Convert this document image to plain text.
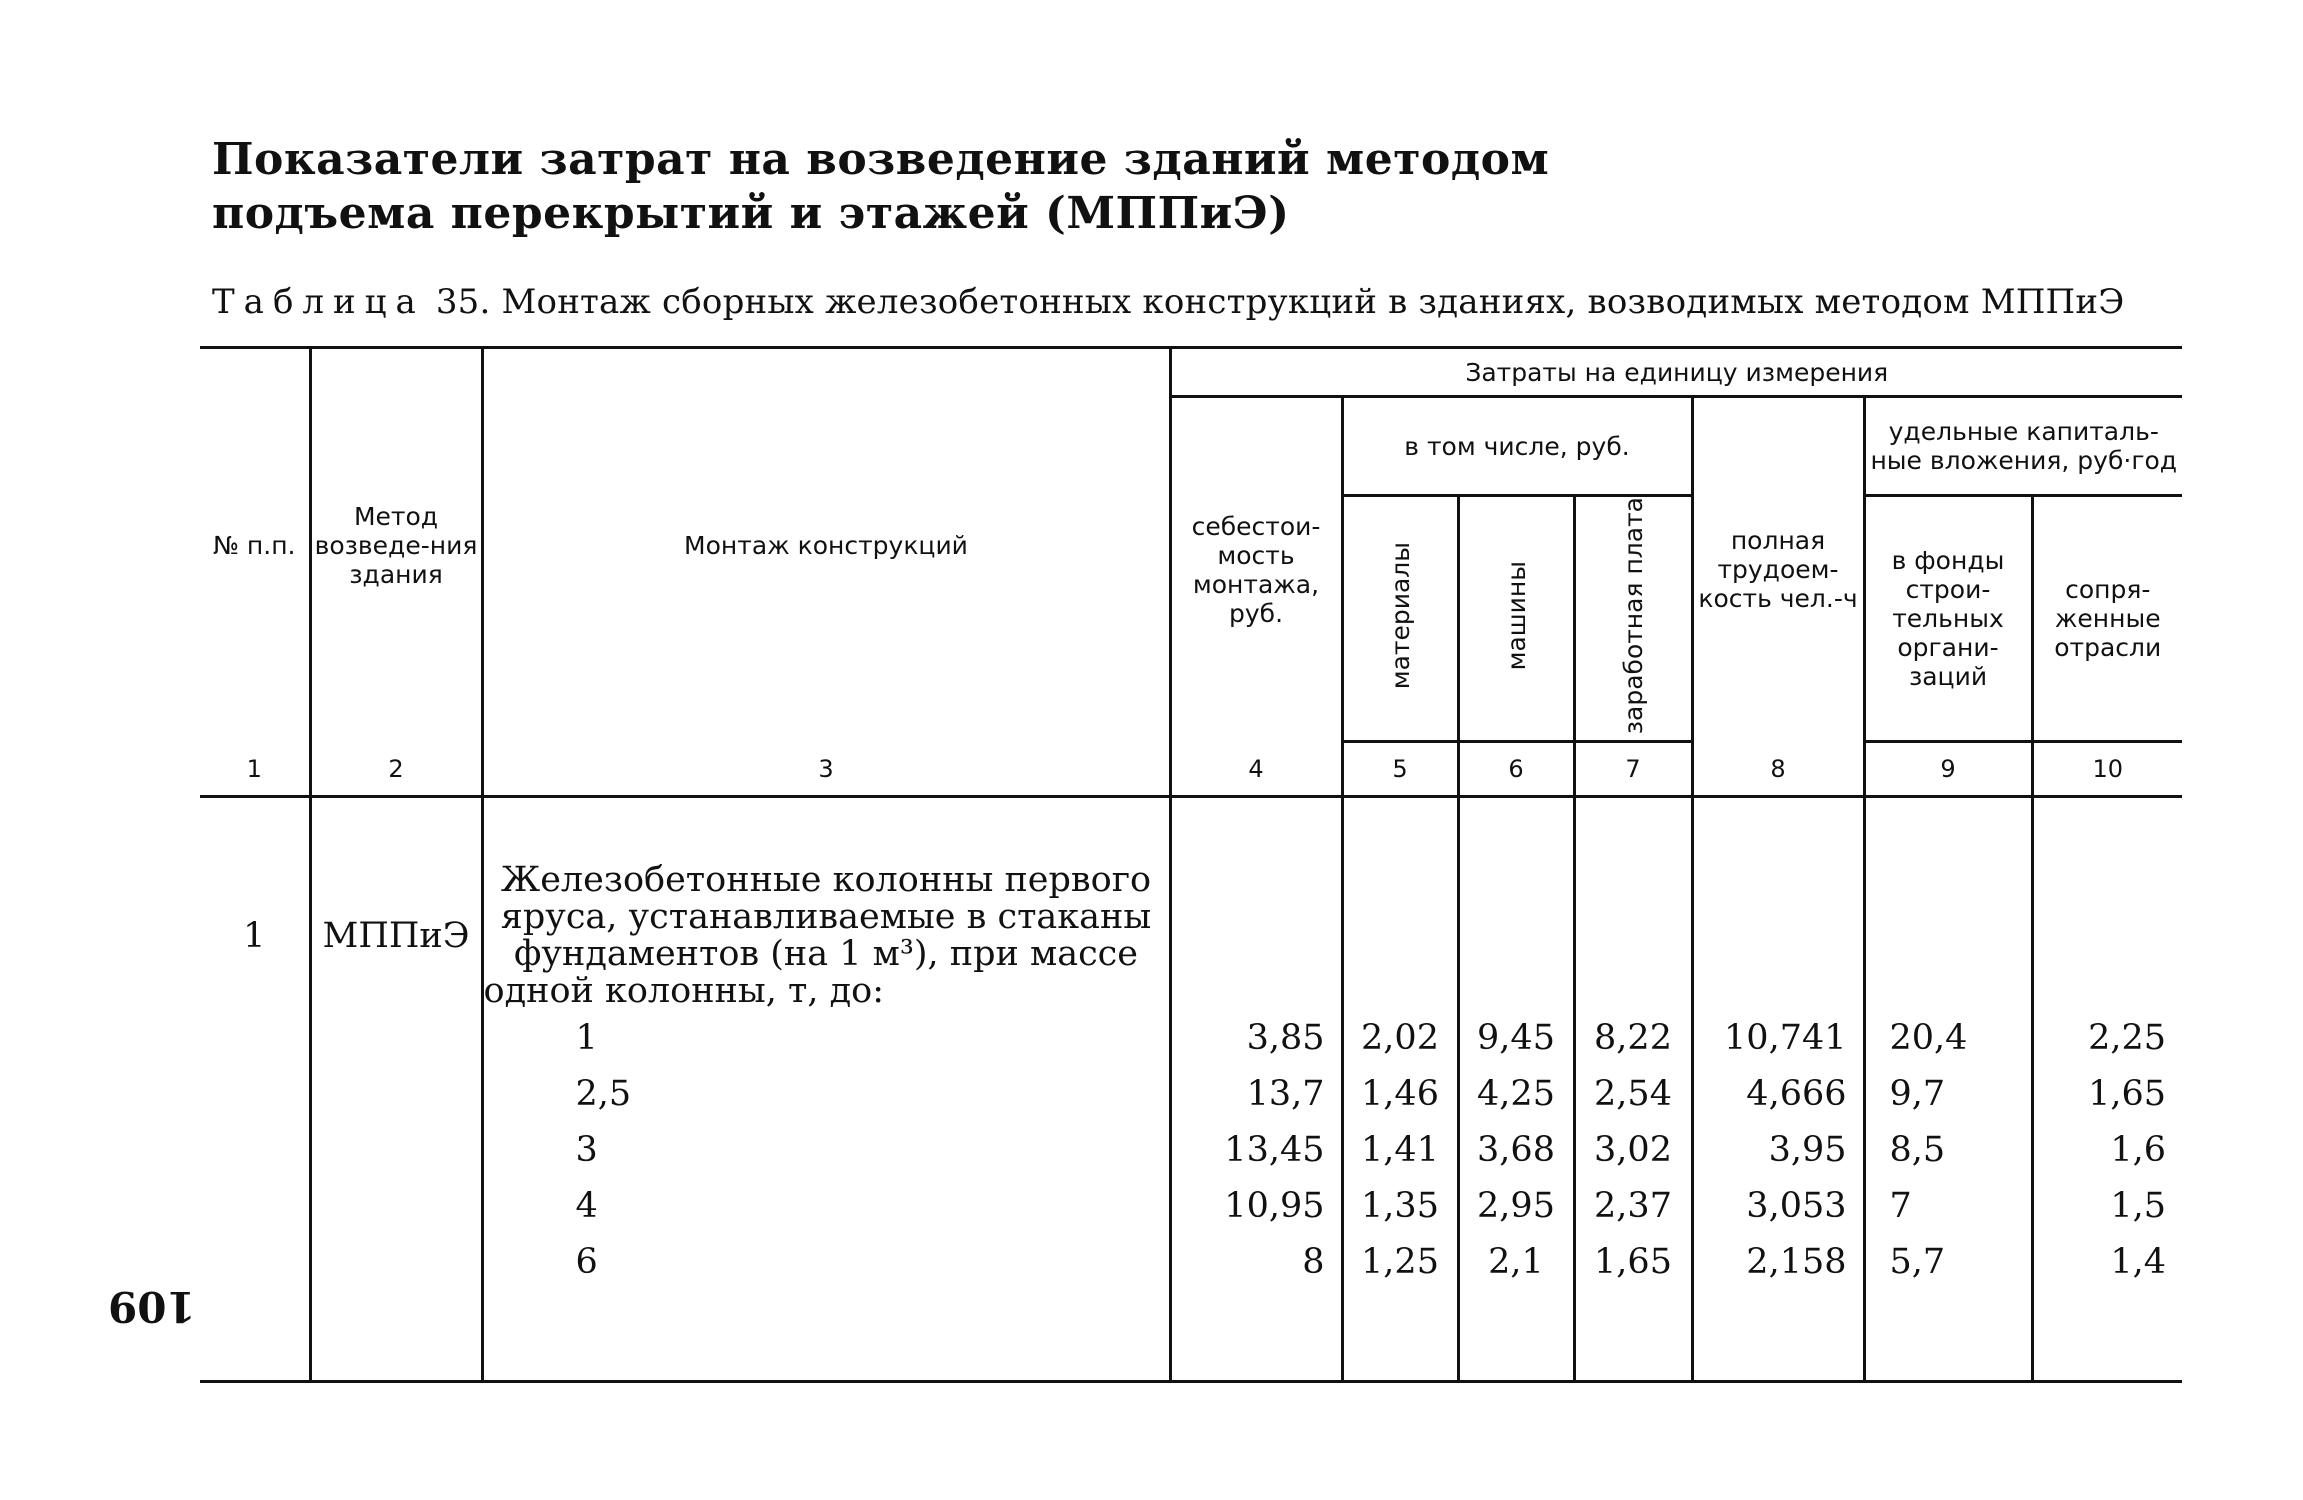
Показатели затрат на возведение зданий методом
подъема перекрытий и этажей (МППиЭ)
Таблица 35. Монтаж сборных железобетонных конструкций в зданиях, возводимых методом МППиЭ
№ п.п.	Метод возведе-ния здания	Монтаж конструкций	Затраты на единицу измерения						
			себестои-мость монтажа, руб.	в том числе, руб.			полная трудоем-кость чел.-ч	удельные капиталь-ные вложения, руб·год	
				материалы	машины	заработная плата		в фонды строи-тельных органи-заций	сопря-женные отрасли
1	2	3	4	5	6	7	8	9	10

1	МППиЭ	Железобетонные колонны первого яруса, устанавливаемые в стаканы фундаментов (на 1 м³), при массе одной колонны, т, до:							
		1	3,85	2,02	9,45	8,22	10,741	20,4	2,25
		2,5	13,7	1,46	4,25	2,54	4,666	9,7	1,65
		3	13,45	1,41	3,68	3,02	3,95	8,5	1,6
		4	10,95	1,35	2,95	2,37	3,053	7	1,5
		6	8	1,25	2,1	1,65	2,158	5,7	1,4

109
